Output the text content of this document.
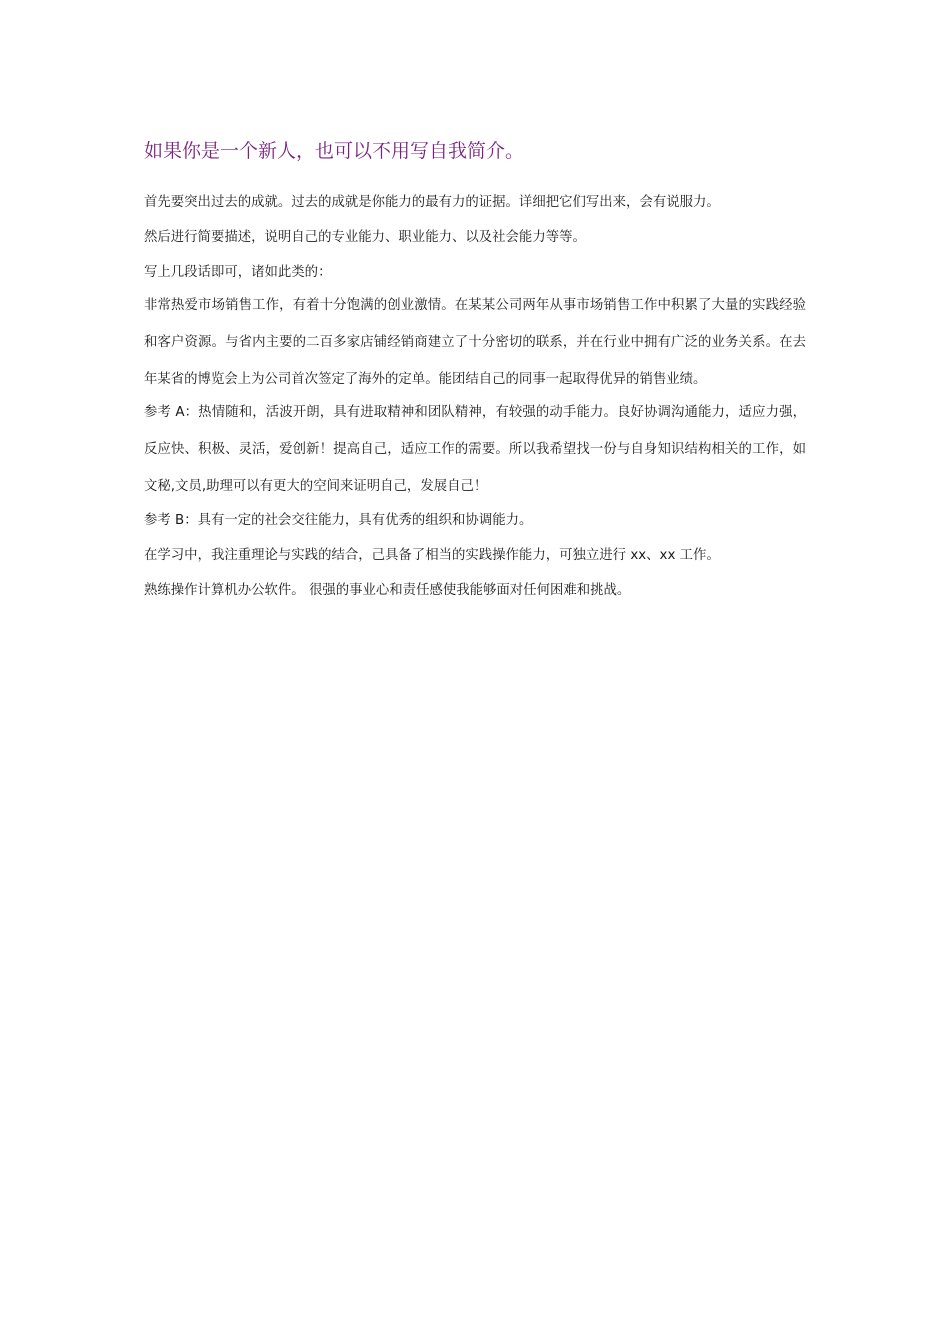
如果你是一个新人，也可以不用写自我简介。

首先要突出过去的成就。过去的成就是你能力的最有力的证据。详细把它们写出来，会有说服力。

然后进行简要描述，说明自己的专业能力、职业能力、以及社会能力等等。

写上几段话即可，诸如此类的：

非常热爱市场销售工作，有着十分饱满的创业激情。在某某公司两年从事市场销售工作中积累了大量的实践经验和客户资源。与省内主要的二百多家店铺经销商建立了十分密切的联系，并在行业中拥有广泛的业务关系。在去年某省的博览会上为公司首次签定了海外的定单。能团结自己的同事一起取得优异的销售业绩。

参考 A：热情随和，活波开朗，具有进取精神和团队精神，有较强的动手能力。良好协调沟通能力，适应力强，反应快、积极、灵活，爱创新！提高自己，适应工作的需要。所以我希望找一份与自身知识结构相关的工作，如文秘,文员,助理可以有更大的空间来证明自己，发展自己！

参考 B：具有一定的社会交往能力，具有优秀的组织和协调能力。

在学习中，我注重理论与实践的结合，己具备了相当的实践操作能力，可独立进行 xx、xx 工作。

熟练操作计算机办公软件。 很强的事业心和责任感使我能够面对任何困难和挑战。
